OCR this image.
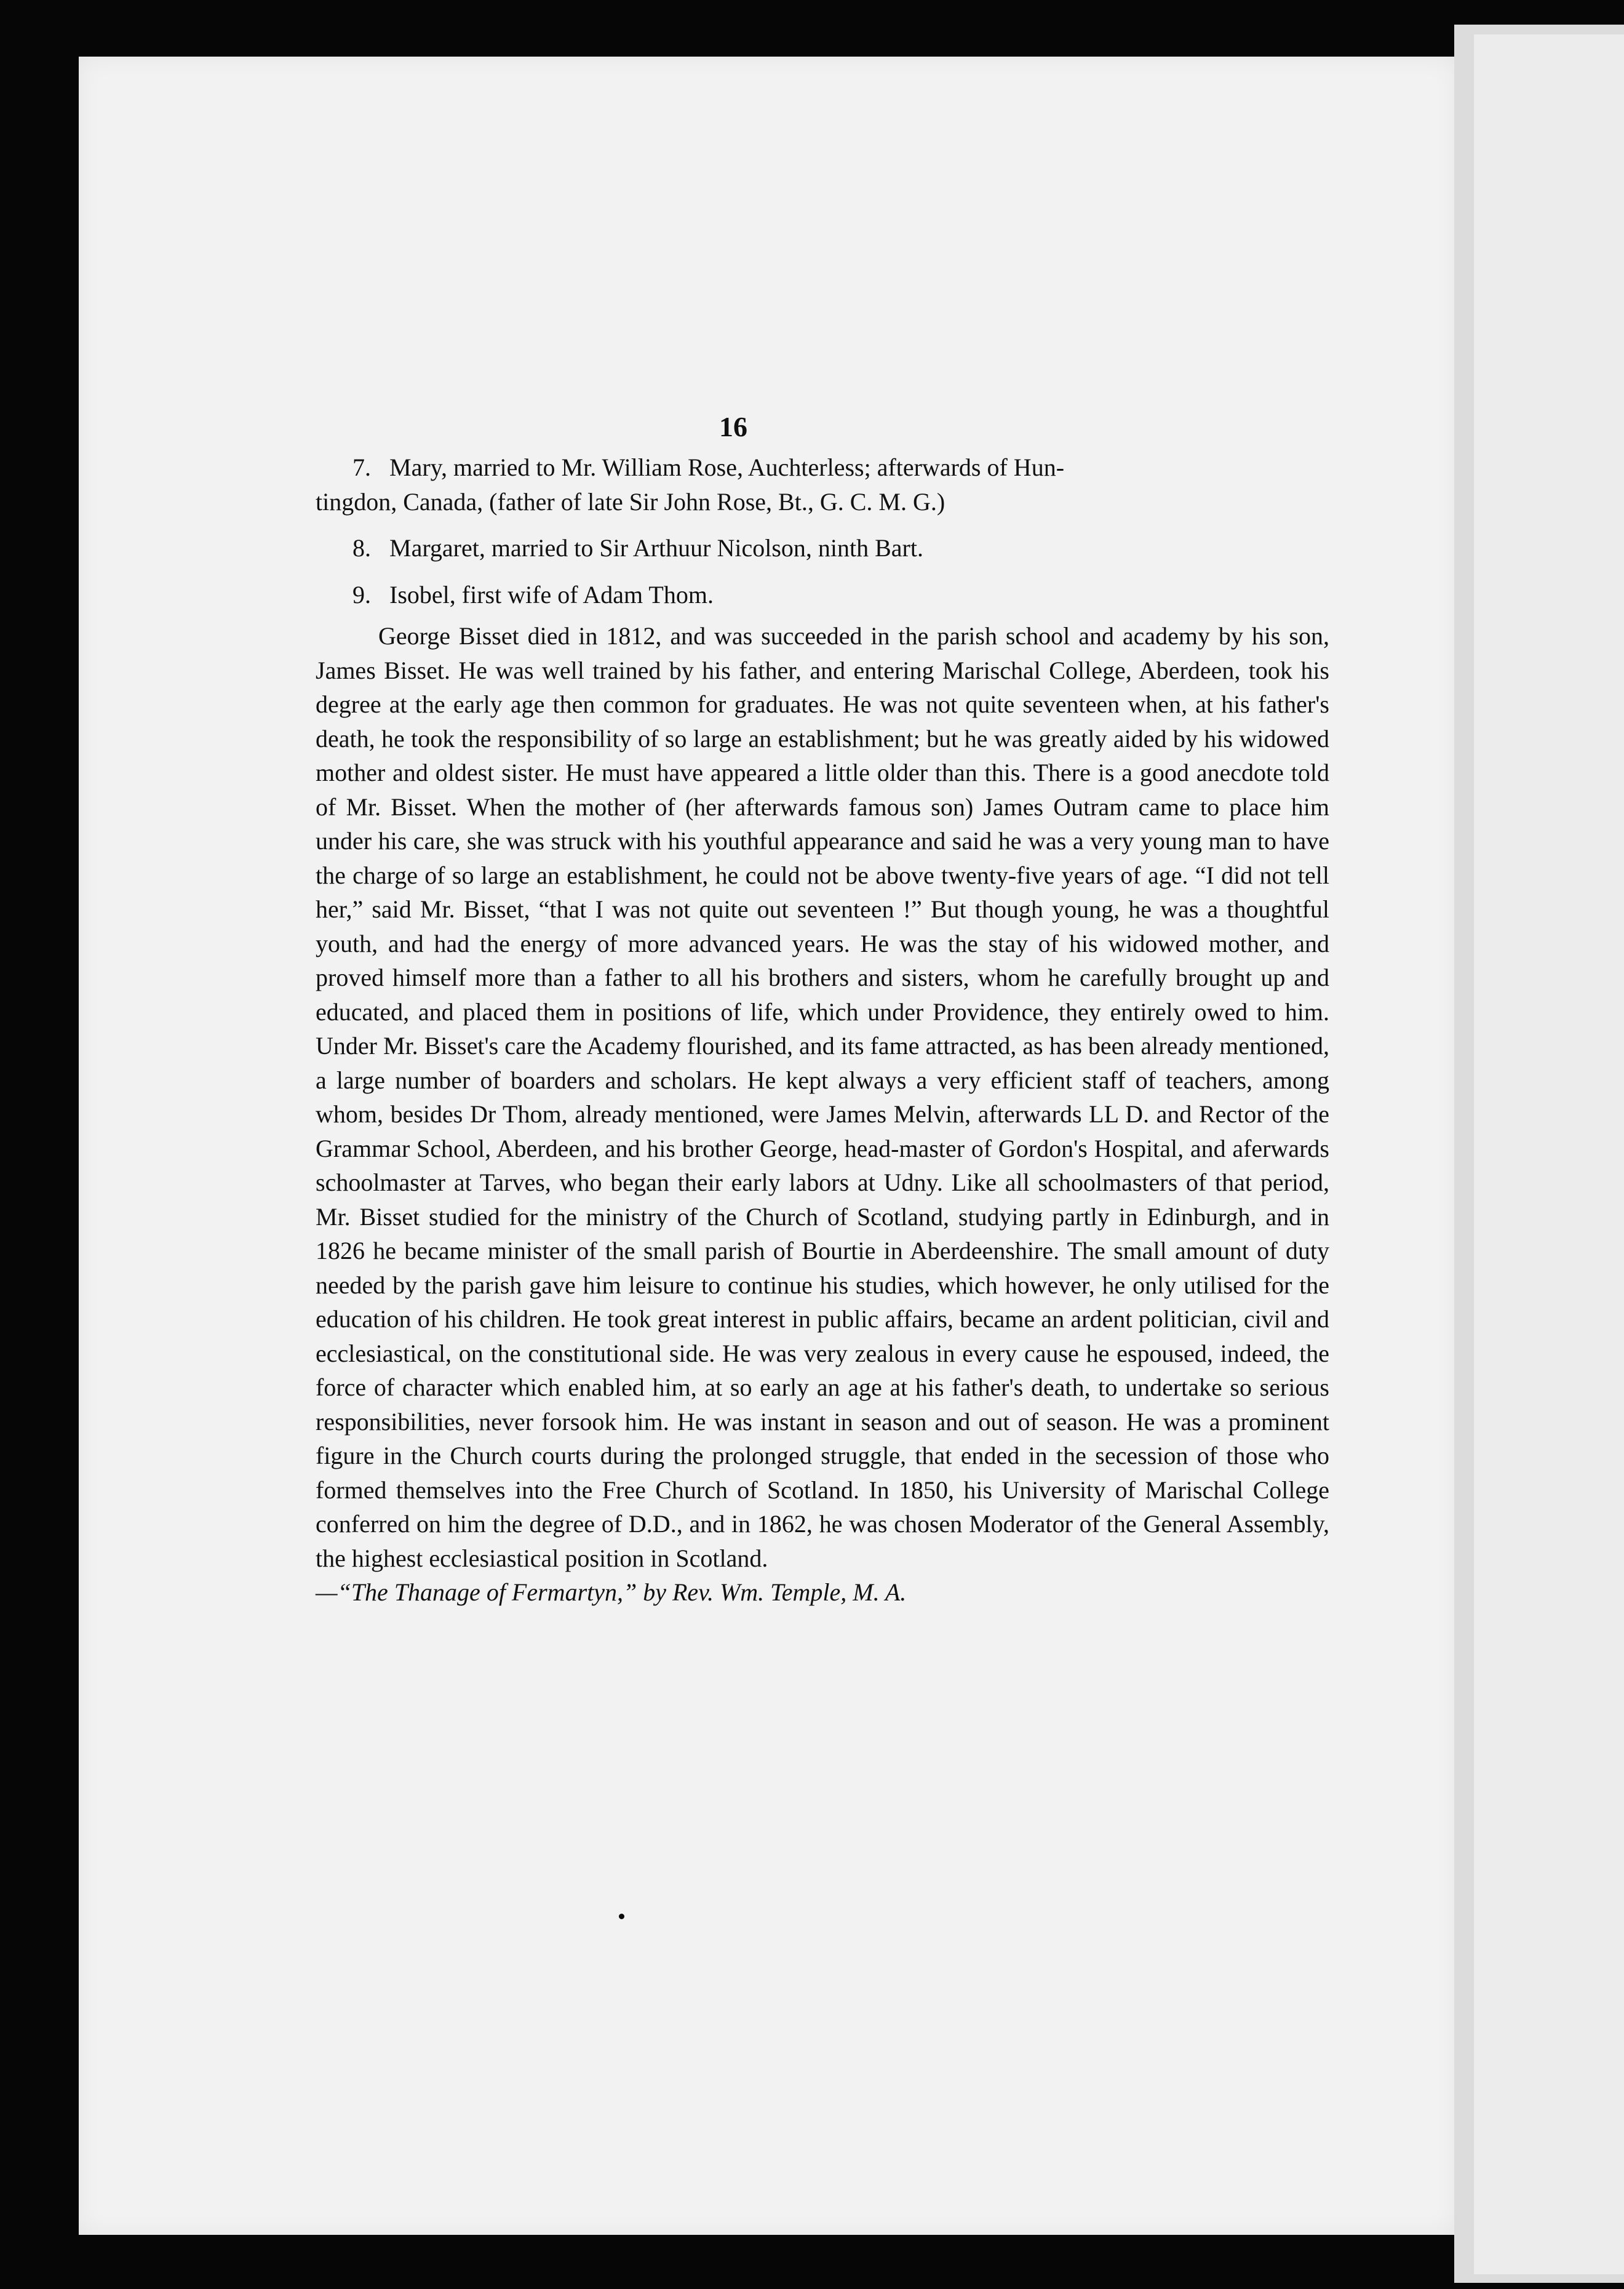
16

7. Mary, married to Mr. William Rose, Auchterless; afterwards of Hun-
tingdon, Canada, (father of late Sir John Rose, Bt., G. C. M. G.)

8. Margaret, married to Sir Arthuur Nicolson, ninth Bart.

9. Isobel, first wife of Adam Thom.

George Bisset died in 1812, and was succeeded in the parish school and academy by his son, James Bisset. He was well trained by his father, and entering Marischal College, Aberdeen, took his degree at the early age then common for graduates. He was not quite seventeen when, at his father's death, he took the responsibility of so large an establishment; but he was greatly aided by his widowed mother and oldest sister. He must have appeared a little older than this. There is a good anecdote told of Mr. Bisset. When the mother of (her afterwards famous son) James Outram came to place him under his care, she was struck with his youthful appearance and said he was a very young man to have the charge of so large an establishment, he could not be above twenty-five years of age. “I did not tell her,” said Mr. Bisset, “that I was not quite out seventeen !” But though young, he was a thoughtful youth, and had the energy of more advanced years. He was the stay of his widowed mother, and proved himself more than a father to all his brothers and sisters, whom he carefully brought up and educated, and placed them in positions of life, which under Providence, they entirely owed to him. Under Mr. Bisset's care the Academy flourished, and its fame attracted, as has been already mentioned, a large number of boarders and scholars. He kept always a very efficient staff of teachers, among whom, besides Dr Thom, already mentioned, were James Melvin, afterwards LL D. and Rector of the Grammar School, Aberdeen, and his brother George, head-master of Gordon's Hospital, and aferwards schoolmaster at Tarves, who began their early labors at Udny. Like all schoolmasters of that period, Mr. Bisset studied for the ministry of the Church of Scotland, studying partly in Edinburgh, and in 1826 he became minister of the small parish of Bourtie in Aberdeenshire. The small amount of duty needed by the parish gave him leisure to continue his studies, which however, he only utilised for the education of his children. He took great interest in public affairs, became an ardent politician, civil and ecclesiastical, on the constitutional side. He was very zealous in every cause he espoused, indeed, the force of character which enabled him, at so early an age at his father's death, to undertake so serious responsibilities, never forsook him. He was instant in season and out of season. He was a prominent figure in the Church courts during the prolonged struggle, that ended in the secession of those who formed themselves into the Free Church of Scotland. In 1850, his University of Marischal College conferred on him the degree of D.D., and in 1862, he was chosen Moderator of the General Assembly, the highest ecclesiastical position in Scotland.

—“The Thanage of Fermartyn,” by Rev. Wm. Temple, M. A.
